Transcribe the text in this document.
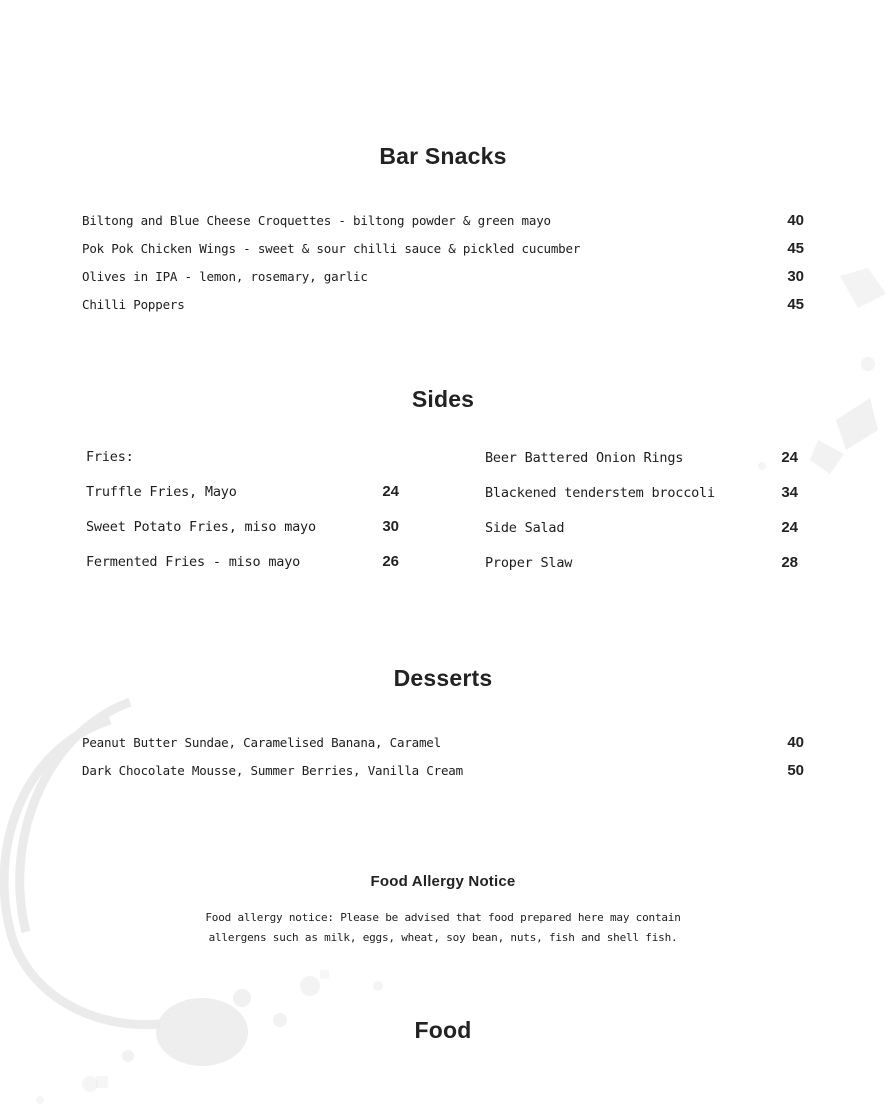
Bar Snacks
Biltong and Blue Cheese Croquettes - biltong powder & green mayo	40
Pok Pok Chicken Wings - sweet & sour chilli sauce & pickled cucumber	45
Olives in IPA - lemon, rosemary, garlic	30
Chilli Poppers	45
Sides
Fries:
Truffle Fries, Mayo	24
Sweet Potato Fries, miso mayo	30
Fermented Fries - miso mayo	26
Beer Battered Onion Rings	24
Blackened tenderstem broccoli	34
Side Salad	24
Proper Slaw	28
Desserts
Peanut Butter Sundae, Caramelised Banana, Caramel	40
Dark Chocolate Mousse, Summer Berries, Vanilla Cream	50
Food Allergy Notice
Food allergy notice: Please be advised that food prepared here may contain
allergens such as milk, eggs, wheat, soy bean, nuts, fish and shell fish.
Food
